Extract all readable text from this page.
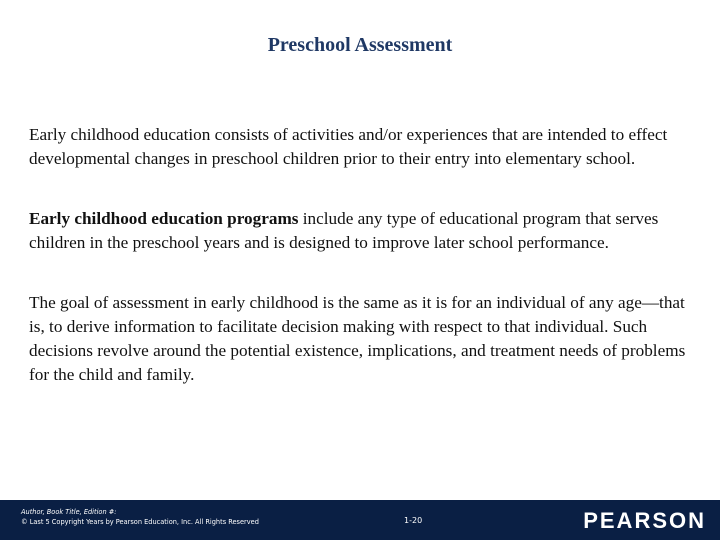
Preschool Assessment
Early childhood education consists of activities and/or experiences that are intended to effect developmental changes in preschool children prior to their entry into elementary school.
Early childhood education programs include any type of educational program that serves children in the preschool years and is designed to improve later school performance.
The goal of assessment in early childhood is the same as it is for an individual of any age—that is, to derive information to facilitate decision making with respect to that individual. Such decisions revolve around the potential existence, implications, and treatment needs of problems for the child and family.
Author, Book Title, Edition #:
© Last 5 Copyright Years by Pearson Education, Inc. All Rights Reserved	1-20	PEARSON
